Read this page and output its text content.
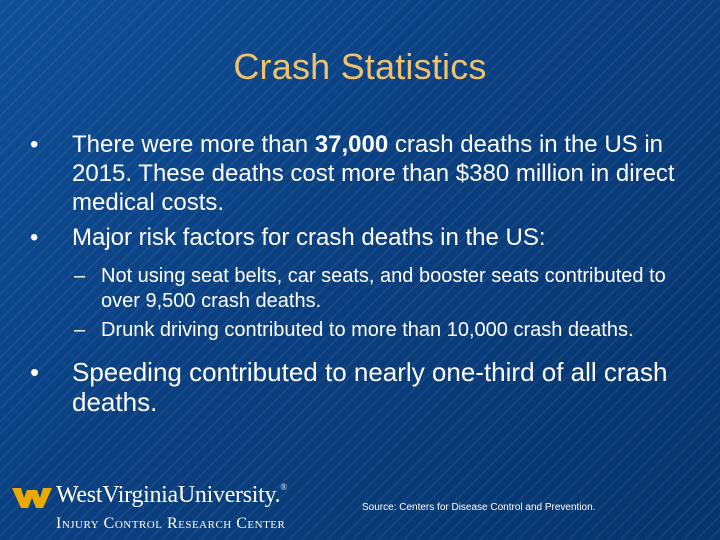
Crash Statistics
•	There were more than 37,000 crash deaths in the US in 2015. These deaths cost more than $380 million in direct medical costs.
•	Major risk factors for crash deaths in the US:
– Not using seat belts, car seats, and booster seats contributed to over 9,500 crash deaths.
– Drunk driving contributed to more than 10,000 crash deaths.
•	Speeding contributed to nearly one-third of all crash deaths.
WestVirginiaUniversity.®
Injury Control Research Center
Source: Centers for Disease Control and Prevention.
